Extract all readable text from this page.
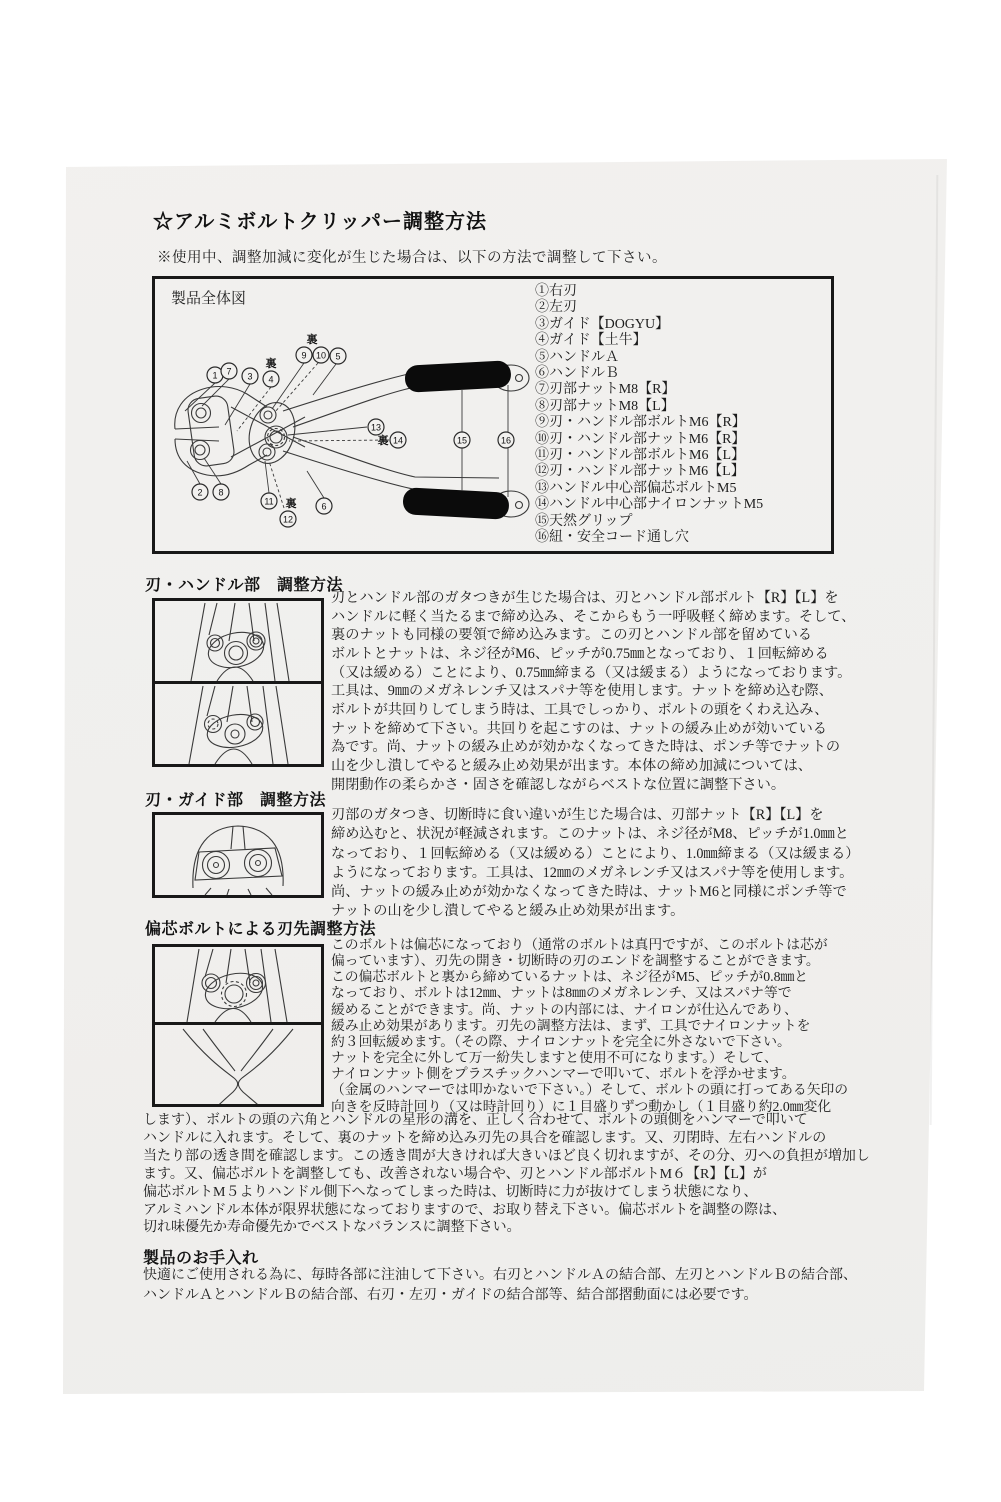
☆アルミボルトクリッパー調整方法
※使用中、調整加減に変化が生じた場合は、以下の方法で調整して下さい。
1 7 3
裏
4
裏
9 10 5
13
裏 14	15	16
2 8
11 裏
12
6
製品全体図	①右刃
②左刃
③ガイド【DOGYU】
④ガイド【土牛】
⑤ハンドルＡ
⑥ハンドルＢ
⑦刃部ナットM8【R】
⑧刃部ナットM8【L】
⑨刃・ハンドル部ボルトM6【R】
⑩刃・ハンドル部ナットM6【R】
⑪刃・ハンドル部ボルトM6【L】
⑫刃・ハンドル部ナットM6【L】
⑬ハンドル中心部偏芯ボルトM5
⑭ハンドル中心部ナイロンナットM5
⑮天然グリップ
⑯紐・安全コード通し穴
刃・ハンドル部　調整方法
刃とハンドル部のガタつきが生じた場合は、刃とハンドル部ボルト【R】【L】を
ハンドルに軽く当たるまで締め込み、そこからもう一呼吸軽く締めます。そして、
裏のナットも同様の要領で締め込みます。この刃とハンドル部を留めている
ボルトとナットは、ネジ径がM6、ピッチが0.75㎜となっており、１回転締める
（又は緩める）ことにより、0.75㎜締まる（又は緩まる）ようになっております。
工具は、9㎜のメガネレンチ又はスパナ等を使用します。ナットを締め込む際、
ボルトが共回りしてしまう時は、工具でしっかり、ボルトの頭をくわえ込み、
ナットを締めて下さい。共回りを起こすのは、ナットの緩み止めが効いている
為です。尚、ナットの緩み止めが効かなくなってきた時は、ポンチ等でナットの
山を少し潰してやると緩み止め効果が出ます。本体の締め加減については、
開閉動作の柔らかさ・固さを確認しながらベストな位置に調整下さい。
刃・ガイド部　調整方法
刃部のガタつき、切断時に食い違いが生じた場合は、刃部ナット【R】【L】を
締め込むと、状況が軽減されます。このナットは、ネジ径がM8、ピッチが1.0㎜と
なっており、１回転締める（又は緩める）ことにより、1.0㎜締まる（又は緩まる）
ようになっております。工具は、12㎜のメガネレンチ又はスパナ等を使用します。
尚、ナットの緩み止めが効かなくなってきた時は、ナットM6と同様にポンチ等で
ナットの山を少し潰してやると緩み止め効果が出ます。
偏芯ボルトによる刃先調整方法
このボルトは偏芯になっており（通常のボルトは真円ですが、このボルトは芯が
偏っています）、刃先の開き・切断時の刃のエンドを調整することができます。
この偏芯ボルトと裏から締めているナットは、ネジ径がM5、ピッチが0.8㎜と
なっており、ボルトは12㎜、ナットは8㎜のメガネレンチ、又はスパナ等で
緩めることができます。尚、ナットの内部には、ナイロンが仕込んであり、
緩み止め効果があります。刃先の調整方法は、まず、工具でナイロンナットを
約３回転緩めます。（その際、ナイロンナットを完全に外さないで下さい。
ナットを完全に外して万一紛失しますと使用不可になります。）そして、
ナイロンナット側をプラスチックハンマーで叩いて、ボルトを浮かせます。
（金属のハンマーでは叩かないで下さい。）そして、ボルトの頭に打ってある矢印の
向きを反時計回り（又は時計回り）に１目盛りずつ動かし（１目盛り約2.0㎜変化
します）、ボルトの頭の六角とハンドルの星形の溝を、正しく合わせて、ボルトの頭側をハンマーで叩いて
ハンドルに入れます。そして、裏のナットを締め込み刃先の具合を確認します。又、刃閉時、左右ハンドルの
当たり部の透き間を確認します。この透き間が大きければ大きいほど良く切れますが、その分、刃への負担が増加し
ます。又、偏芯ボルトを調整しても、改善されない場合や、刃とハンドル部ボルトM６【R】【L】が
偏芯ボルトM５よりハンドル側下へなってしまった時は、切断時に力が抜けてしまう状態になり、
アルミハンドル本体が限界状態になっておりますので、お取り替え下さい。偏芯ボルトを調整の際は、
切れ味優先か寿命優先かでベストなバランスに調整下さい。
製品のお手入れ
快適にご使用される為に、毎時各部に注油して下さい。右刃とハンドルＡの結合部、左刃とハンドルＢの結合部、
ハンドルＡとハンドルＢの結合部、右刃・左刃・ガイドの結合部等、結合部摺動面には必要です。
